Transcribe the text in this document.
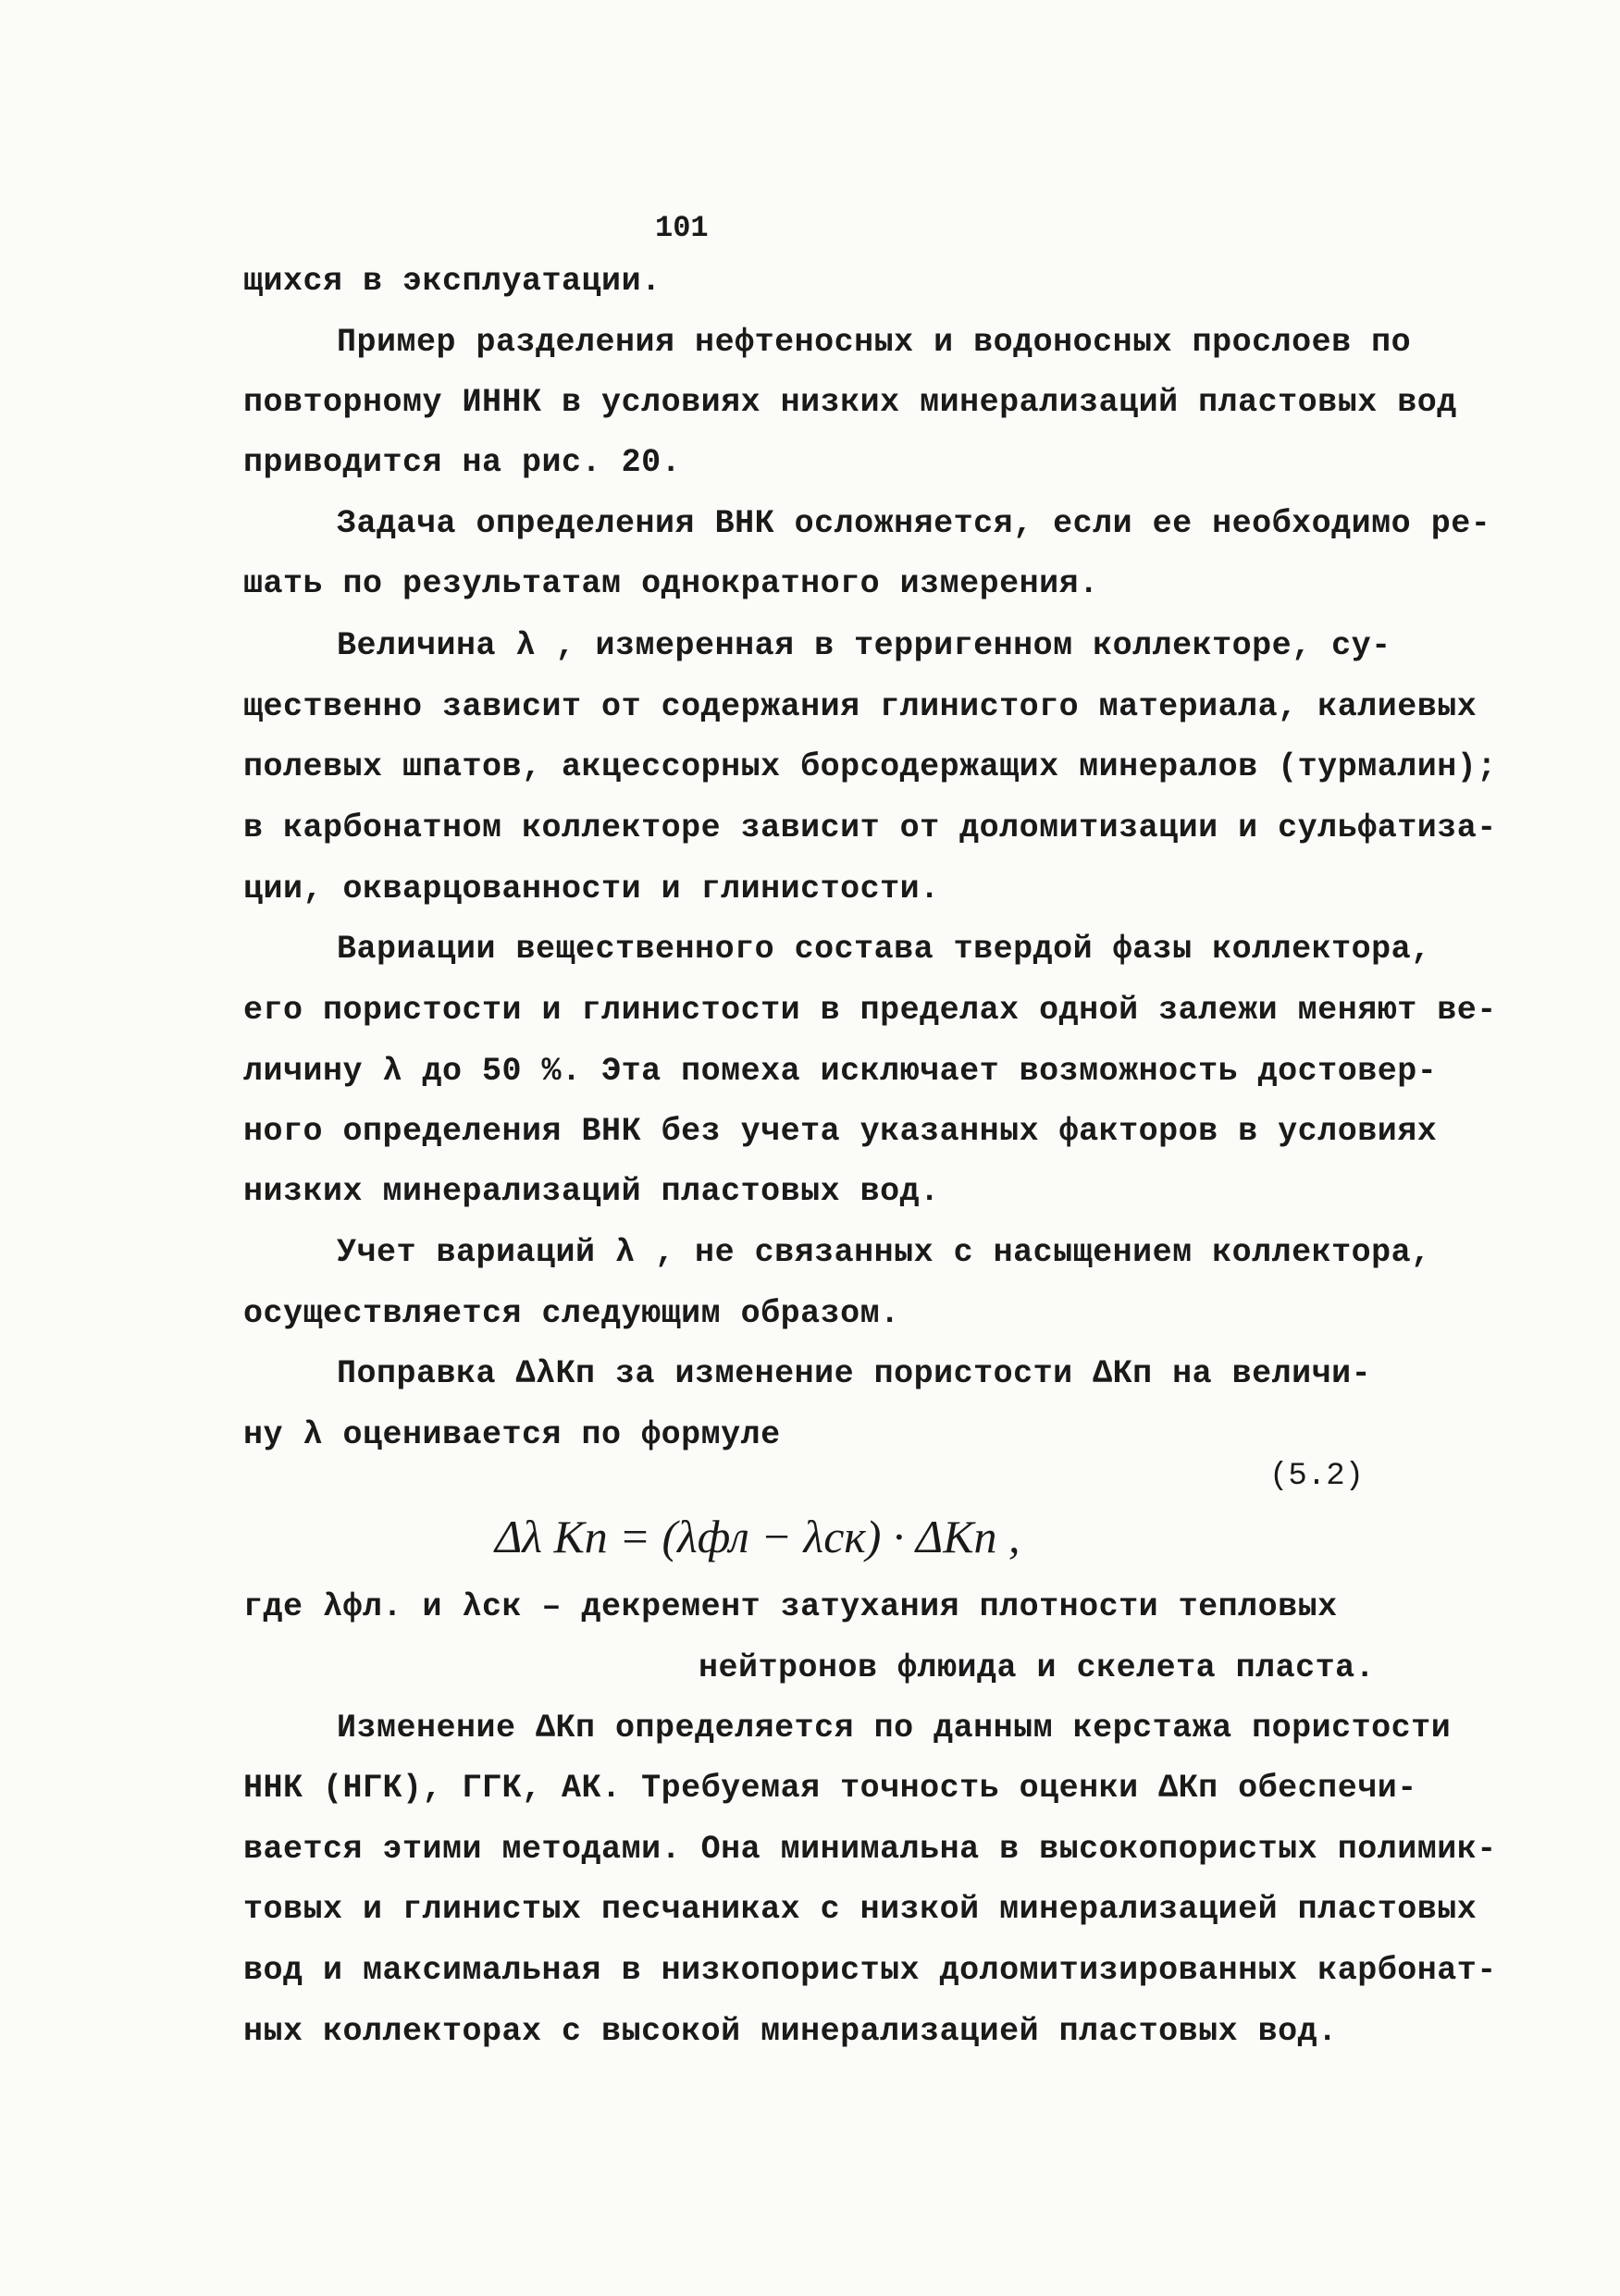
101
щихся в эксплуатации.
Пример разделения нефтеносных и водоносных прослоев по
повторному ИННК в условиях низких минерализаций пластовых вод
приводится на рис. 20.
Задача определения ВНК осложняется, если ее необходимо ре-
шать по результатам однократного измерения.
Величина λ , измеренная в терригенном коллекторе, су-
щественно зависит от содержания глинистого материала, калиевых
полевых шпатов, акцессорных борсодержащих минералов (турмалин);
в карбонатном коллекторе зависит от доломитизации и сульфатиза-
ции, окварцованности и глинистости.
Вариации вещественного состава твердой фазы коллектора,
его пористости и глинистости в пределах одной залежи меняют ве-
личину λ до 50 %. Эта помеха исключает возможность достовер-
ного определения ВНК без учета указанных факторов в условиях
низких минерализаций пластовых вод.
Учет вариаций λ , не связанных с насыщением коллектора,
осуществляется следующим образом.
Поправка ΔλКп за изменение пористости ΔКп на величи-
ну λ оценивается по формуле
(5.2)
Δλ Кп = (λфл − λск) · ΔКп ,
где λфл. и λск – декремент затухания плотности тепловых
нейтронов флюида и скелета пласта.
Изменение ΔКп определяется по данным керстажа пористости
ННК (НГК), ГГК, АК. Требуемая точность оценки ΔКп обеспечи-
вается этими методами. Она минимальна в высокопористых полимик-
товых и глинистых песчаниках с низкой минерализацией пластовых
вод и максимальная в низкопористых доломитизированных карбонат-
ных коллекторах с высокой минерализацией пластовых вод.
